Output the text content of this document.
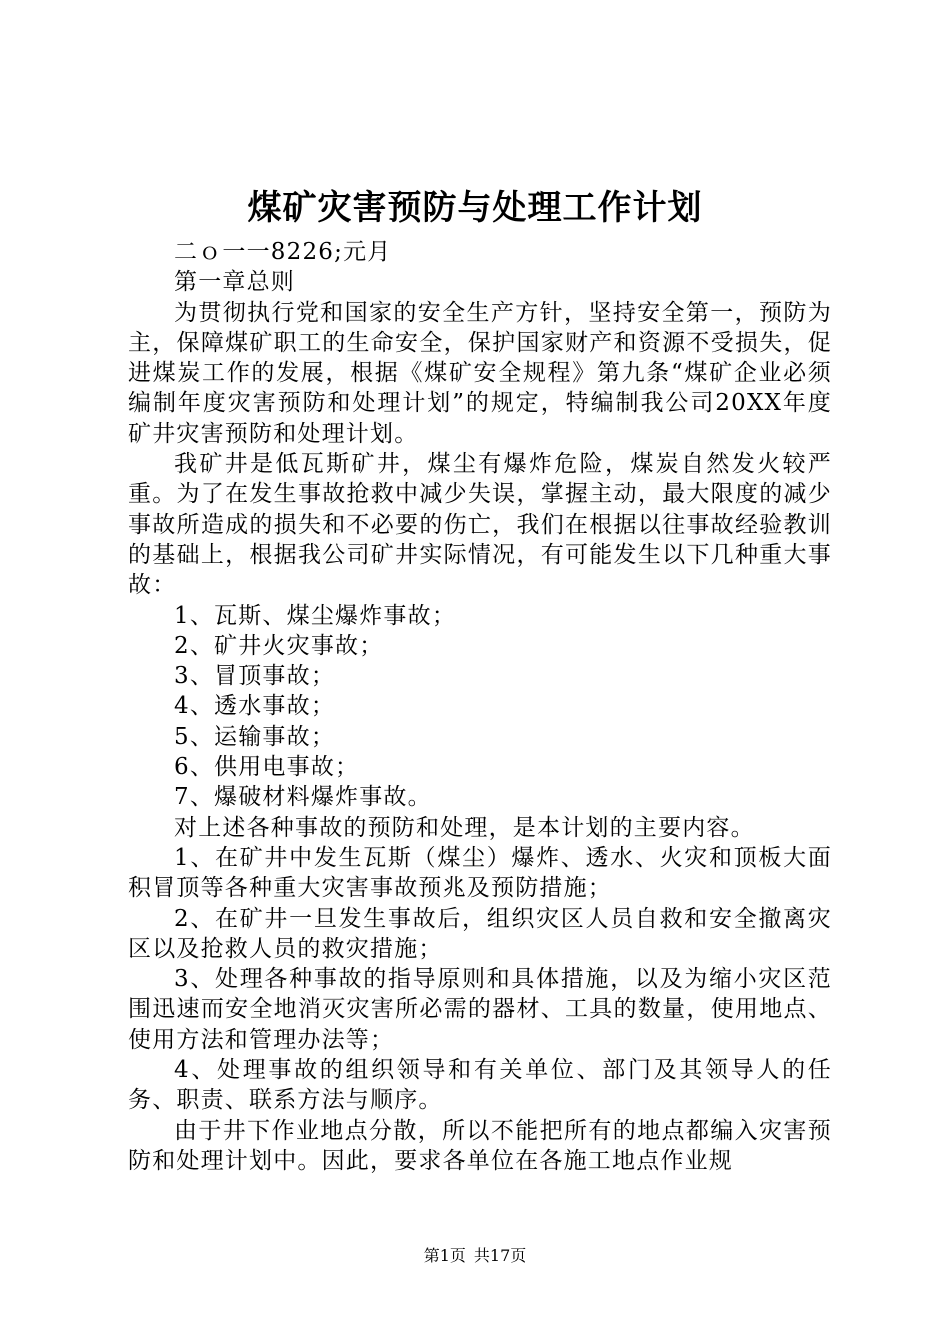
煤矿灾害预防与处理工作计划

二ｏ一一8226;元月

第一章总则

为贯彻执行党和国家的安全生产方针，坚持安全第一，预防为主，保障煤矿职工的生命安全，保护国家财产和资源不受损失，促进煤炭工作的发展，根据《煤矿安全规程》第九条“煤矿企业必须编制年度灾害预防和处理计划”的规定，特编制我公司20XX年度矿井灾害预防和处理计划。

我矿井是低瓦斯矿井，煤尘有爆炸危险，煤炭自然发火较严重。为了在发生事故抢救中减少失误，掌握主动，最大限度的减少事故所造成的损失和不必要的伤亡，我们在根据以往事故经验教训的基础上，根据我公司矿井实际情况，有可能发生以下几种重大事故：

1、瓦斯、煤尘爆炸事故；

2、矿井火灾事故；

3、冒顶事故；

4、透水事故；

5、运输事故；

6、供用电事故；

7、爆破材料爆炸事故。

对上述各种事故的预防和处理，是本计划的主要内容。

1、在矿井中发生瓦斯（煤尘）爆炸、透水、火灾和顶板大面积冒顶等各种重大灾害事故预兆及预防措施；

2、在矿井一旦发生事故后，组织灾区人员自救和安全撤离灾区以及抢救人员的救灾措施；

3、处理各种事故的指导原则和具体措施，以及为缩小灾区范围迅速而安全地消灭灾害所必需的器材、工具的数量，使用地点、使用方法和管理办法等；

4、处理事故的组织领导和有关单位、部门及其领导人的任务、职责、联系方法与顺序。

由于井下作业地点分散，所以不能把所有的地点都编入灾害预防和处理计划中。因此，要求各单位在各施工地点作业规

第1页 共17页
